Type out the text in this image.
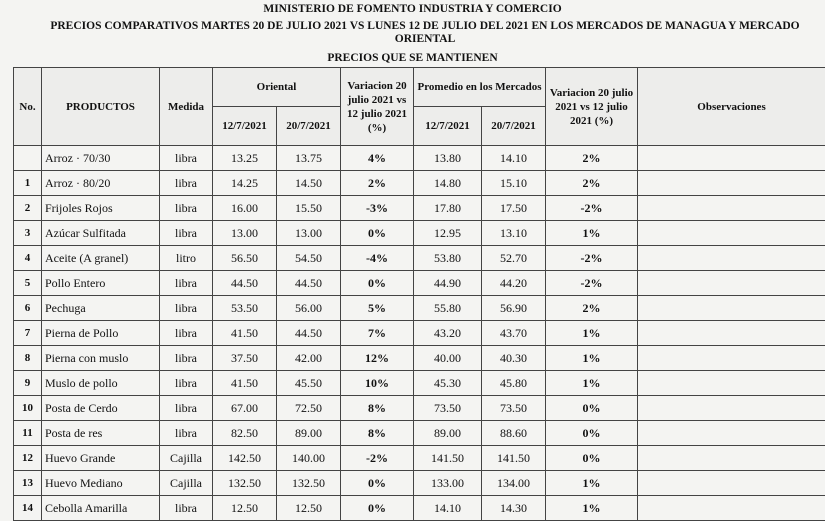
MINISTERIO DE FOMENTO INDUSTRIA Y COMERCIO
PRECIOS COMPARATIVOS MARTES 20 DE JULIO 2021 VS LUNES 12 DE JULIO DEL 2021 EN LOS MERCADOS DE MANAGUA Y MERCADO ORIENTAL
PRECIOS QUE SE MANTIENEN
No.	PRODUCTOS	Medida	Oriental		Variacion 20 julio 2021 vs 12 julio 2021 (%)	Promedio en los Mercados		Variacion 20 julio 2021 vs 12 julio 2021 (%)	Observaciones
			12/7/2021	20/7/2021		12/7/2021	20/7/2021		
	Arroz · 70/30	libra	13.25	13.75	4%	13.80	14.10	2%	
1	Arroz · 80/20	libra	14.25	14.50	2%	14.80	15.10	2%	
2	Frijoles Rojos	libra	16.00	15.50	-3%	17.80	17.50	-2%	
3	Azúcar Sulfitada	libra	13.00	13.00	0%	12.95	13.10	1%	
4	Aceite (A granel)	litro	56.50	54.50	-4%	53.80	52.70	-2%	
5	Pollo Entero	libra	44.50	44.50	0%	44.90	44.20	-2%	
6	Pechuga	libra	53.50	56.00	5%	55.80	56.90	2%	
7	Pierna de Pollo	libra	41.50	44.50	7%	43.20	43.70	1%	
8	Pierna con muslo	libra	37.50	42.00	12%	40.00	40.30	1%	
9	Muslo de pollo	libra	41.50	45.50	10%	45.30	45.80	1%	
10	Posta de Cerdo	libra	67.00	72.50	8%	73.50	73.50	0%	
11	Posta de res	libra	82.50	89.00	8%	89.00	88.60	0%	
12	Huevo Grande	Cajilla	142.50	140.00	-2%	141.50	141.50	0%	
13	Huevo Mediano	Cajilla	132.50	132.50	0%	133.00	134.00	1%	
14	Cebolla Amarilla	libra	12.50	12.50	0%	14.10	14.30	1%	
